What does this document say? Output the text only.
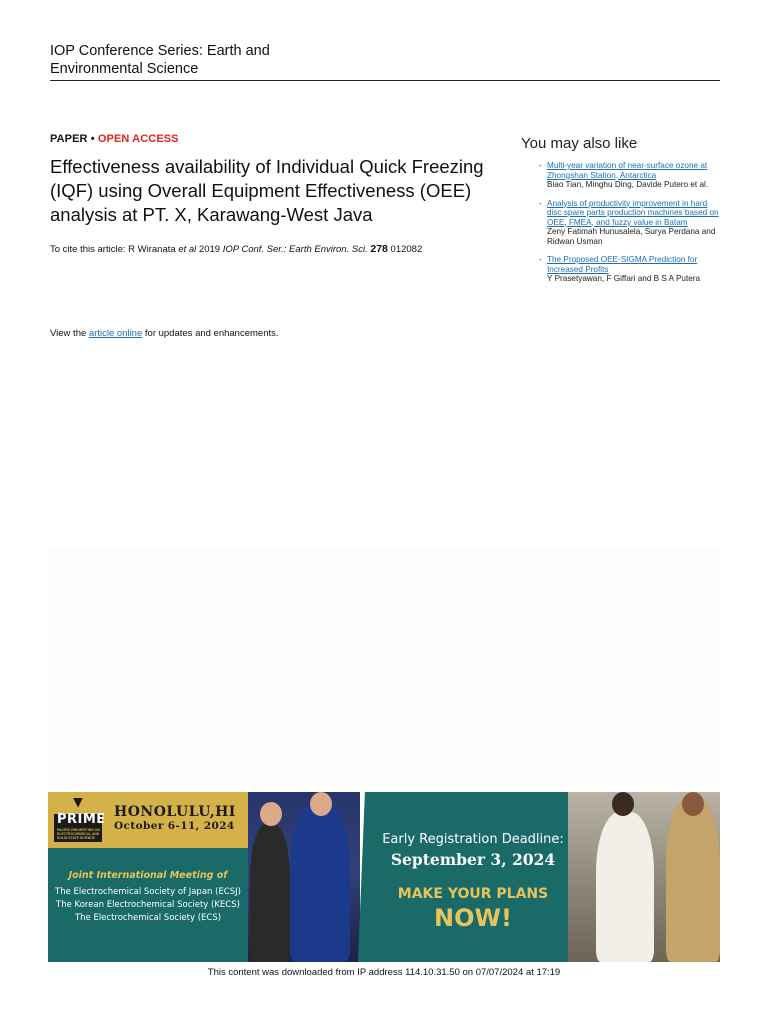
IOP Conference Series: Earth and Environmental Science
PAPER • OPEN ACCESS
Effectiveness availability of Individual Quick Freezing (IQF) using Overall Equipment Effectiveness (OEE) analysis at PT. X, Karawang-West Java
To cite this article: R Wiranata et al 2019 IOP Conf. Ser.: Earth Environ. Sci. 278 012082
View the article online for updates and enhancements.
You may also like
- Multi-year variation of near-surface ozone at Zhongshan Station, Antarctica
Biao Tian, Minghu Ding, Davide Putero et al.
- Analysis of productivity improvement in hard disc spare parts production machines based on OEE, FMEA, and fuzzy value in Batam
Zeny Fatimah Hunusalela, Surya Perdana and Ridwan Usman
- The Proposed OEE-SIGMA Prediction for Increased Profits
Y Prasetyawan, F Giffari and B S A Putera
PRIME
PACIFIC RIM MEETING ON ELECTROCHEMICAL AND SOLID STATE SCIENCE
HONOLULU,HI
October 6-11, 2024
Joint International Meeting of
The Electrochemical Society of Japan (ECSJ)
The Korean Electrochemical Society (KECS)
The Electrochemical Society (ECS)
Early Registration Deadline:
September 3, 2024
MAKE YOUR PLANS
NOW!
This content was downloaded from IP address 114.10.31.50 on 07/07/2024 at 17:19
